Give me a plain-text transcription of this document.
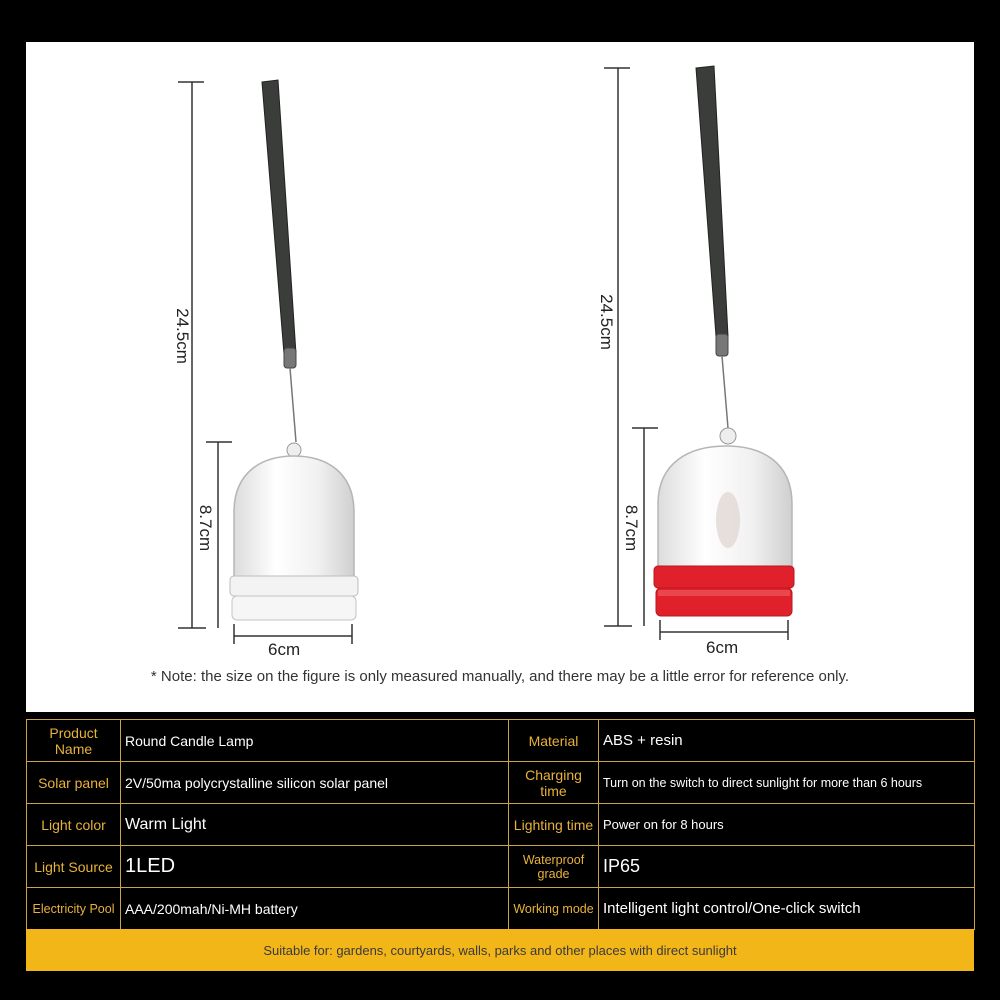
24.5cm
8.7cm
6cm
24.5cm
8.7cm
6cm
* Note: the size on the figure is only measured manually, and there may be a little error for reference only.
Product Name	Round Candle Lamp	Material	ABS + resin
Solar panel	2V/50ma polycrystalline silicon solar panel	Charging time	Turn on the switch to direct sunlight for more than 6 hours
Light color	Warm Light	Lighting time	Power on for 8 hours
Light Source	1LED	Waterproof grade	IP65
Electricity Pool	AAA/200mah/Ni-MH battery	Working mode	Intelligent light control/One-click switch
Suitable for: gardens, courtyards, walls, parks and other places with direct sunlight
